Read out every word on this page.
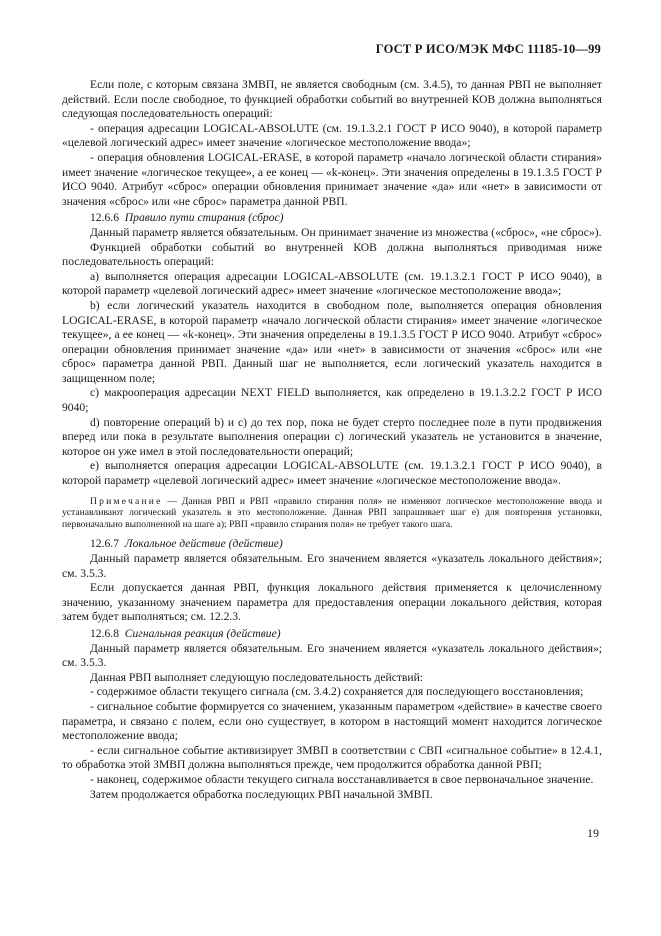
ГОСТ Р ИСО/МЭК МФС 11185-10—99

Если поле, с которым связана ЗМВП, не является свободным (см. 3.4.5), то данная РВП не выполняет действий. Если после свободное, то функцией обработки событий во внутренней КОВ должна выполняться следующая последовательность операций:

- операция адресации LOGICAL-ABSOLUTE (см. 19.1.3.2.1 ГОСТ Р ИСО 9040), в которой параметр «целевой логический адрес» имеет значение «логическое местоположение ввода»;

- операция обновления LOGICAL-ERASE, в которой параметр «начало логической области стирания» имеет значение «логическое текущее», а ее конец — «k-конец». Эти значения определены в 19.1.3.5 ГОСТ Р ИСО 9040. Атрибут «сброс» операции обновления принимает значение «да» или «нет» в зависимости от значения «сброс» или «не сброс» параметра данной РВП.

12.6.6 Правило пути стирания (сброс)

Данный параметр является обязательным. Он принимает значение из множества («сброс», «не сброс»).

Функцией обработки событий во внутренней КОВ должна выполняться приводимая ниже последовательность операций:

а) выполняется операция адресации LOGICAL-ABSOLUTE (см. 19.1.3.2.1 ГОСТ Р ИСО 9040), в которой параметр «целевой логический адрес» имеет значение «логическое местоположение ввода»;

b) если логический указатель находится в свободном поле, выполняется операция обновления LOGICAL-ERASE, в которой параметр «начало логической области стирания» имеет значение «логическое текущее», а ее конец — «k-конец». Эти значения определены в 19.1.3.5 ГОСТ Р ИСО 9040. Атрибут «сброс» операции обновления принимает значение «да» или «нет» в зависимости от значения «сброс» или «не сброс» параметра данной РВП. Данный шаг не выполняется, если логический указатель находится в защищенном поле;

с) макрооперация адресации NEXT FIELD выполняется, как определено в 19.1.3.2.2 ГОСТ Р ИСО 9040;

d) повторение операций b) и с) до тех пор, пока не будет стерто последнее поле в пути продвижения вперед или пока в результате выполнения операции с) логический указатель не установится в значение, которое он уже имел в этой последовательности операций;

е) выполняется операция адресации LOGICAL-ABSOLUTE (см. 19.1.3.2.1 ГОСТ Р ИСО 9040), в которой параметр «целевой логический адрес» имеет значение «логическое местоположение ввода».

Примечание — Данная РВП и РВП «правило стирания поля» не изменяют логическое местоположение ввода и устанавливают логический указатель в это местоположение. Данная РВП запрашивает шаг е) для повторения установки, первоначально выполненной на шаге а); РВП «правило стирания поля» не требует такого шага.

12.6.7 Локальное действие (действие)

Данный параметр является обязательным. Его значением является «указатель локального действия»; см. 3.5.3.

Если допускается данная РВП, функция локального действия применяется к целочисленному значению, указанному значением параметра для предоставления операции локального действия, которая затем будет выполняться; см. 12.2.3.

12.6.8 Сигнальная реакция (действие)

Данный параметр является обязательным. Его значением является «указатель локального действия»; см. 3.5.3.

Данная РВП выполняет следующую последовательность действий:

- содержимое области текущего сигнала (см. 3.4.2) сохраняется для последующего восстановления;

- сигнальное событие формируется со значением, указанным параметром «действие» в качестве своего параметра, и связано с полем, если оно существует, в котором в настоящий момент находится логическое местоположение ввода;

- если сигнальное событие активизирует ЗМВП в соответствии с СВП «сигнальное событие» в 12.4.1, то обработка этой ЗМВП должна выполняться прежде, чем продолжится обработка данной РВП;

- наконец, содержимое области текущего сигнала восстанавливается в свое первоначальное значение.

Затем продолжается обработка последующих РВП начальной ЗМВП.

19
